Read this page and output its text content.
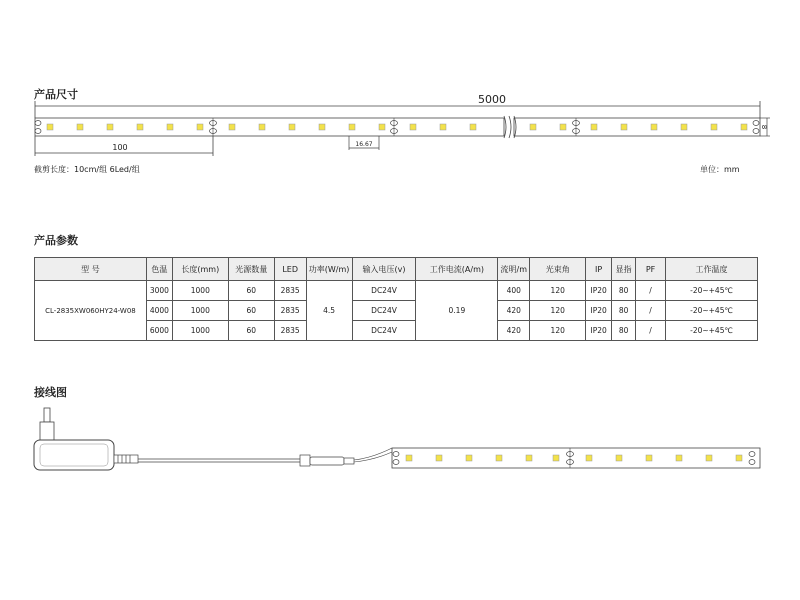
产品尺寸	5000
100	16.67
8
截剪长度：10cm/组 6Led/组	单位：mm
产品参数
型 号	色温	长度(mm)	光源数量	LED	功率(W/m)	输入电压(v)	工作电流(A/m)	流明/m	光束角	IP	显指	PF	工作温度
CL-2835XW060HY24-W08	3000	1000	60	2835	4.5	DC24V	0.19	400	120	IP20	80	/	-20~+45℃
	4000	1000	60	2835		DC24V		420	120	IP20	80	/	-20~+45℃
	6000	1000	60	2835		DC24V		420	120	IP20	80	/	-20~+45℃
接线图
